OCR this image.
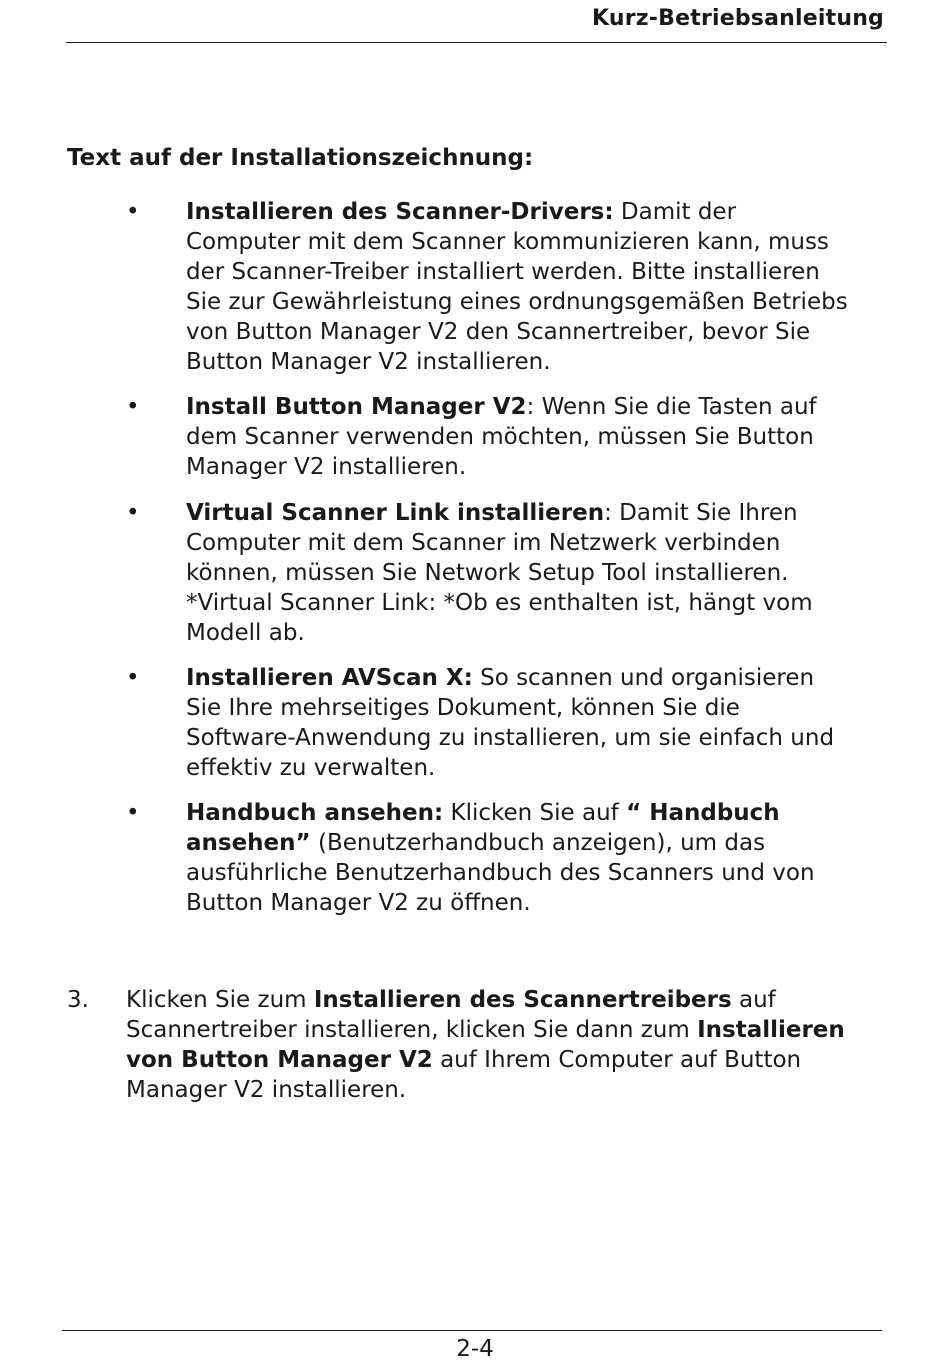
Kurz-Betriebsanleitung
Text auf der Installationszeichnung:
•	Installieren des Scanner-Drivers: Damit der Computer mit dem Scanner kommunizieren kann, muss der Scanner-Treiber installiert werden. Bitte installieren Sie zur Gewährleistung eines ordnungsgemäßen Betriebs von Button Manager V2 den Scannertreiber, bevor Sie Button Manager V2 installieren.
•	Install Button Manager V2: Wenn Sie die Tasten auf dem Scanner verwenden möchten, müssen Sie Button Manager V2 installieren.
•	Virtual Scanner Link installieren: Damit Sie Ihren Computer mit dem Scanner im Netzwerk verbinden können, müssen Sie Network Setup Tool installieren. *Virtual Scanner Link: *Ob es enthalten ist, hängt vom Modell ab.
•	Installieren AVScan X: So scannen und organisieren Sie Ihre mehrseitiges Dokument, können Sie die Software-Anwendung zu installieren, um sie einfach und effektiv zu verwalten.
•	Handbuch ansehen: Klicken Sie auf “ Handbuch ansehen” (Benutzerhandbuch anzeigen), um das ausführliche Benutzerhandbuch des Scanners und von Button Manager V2 zu öffnen.
3.	Klicken Sie zum Installieren des Scannertreibers auf Scannertreiber installieren, klicken Sie dann zum Installieren von Button Manager V2 auf Ihrem Computer auf Button Manager V2 installieren.
2-4
